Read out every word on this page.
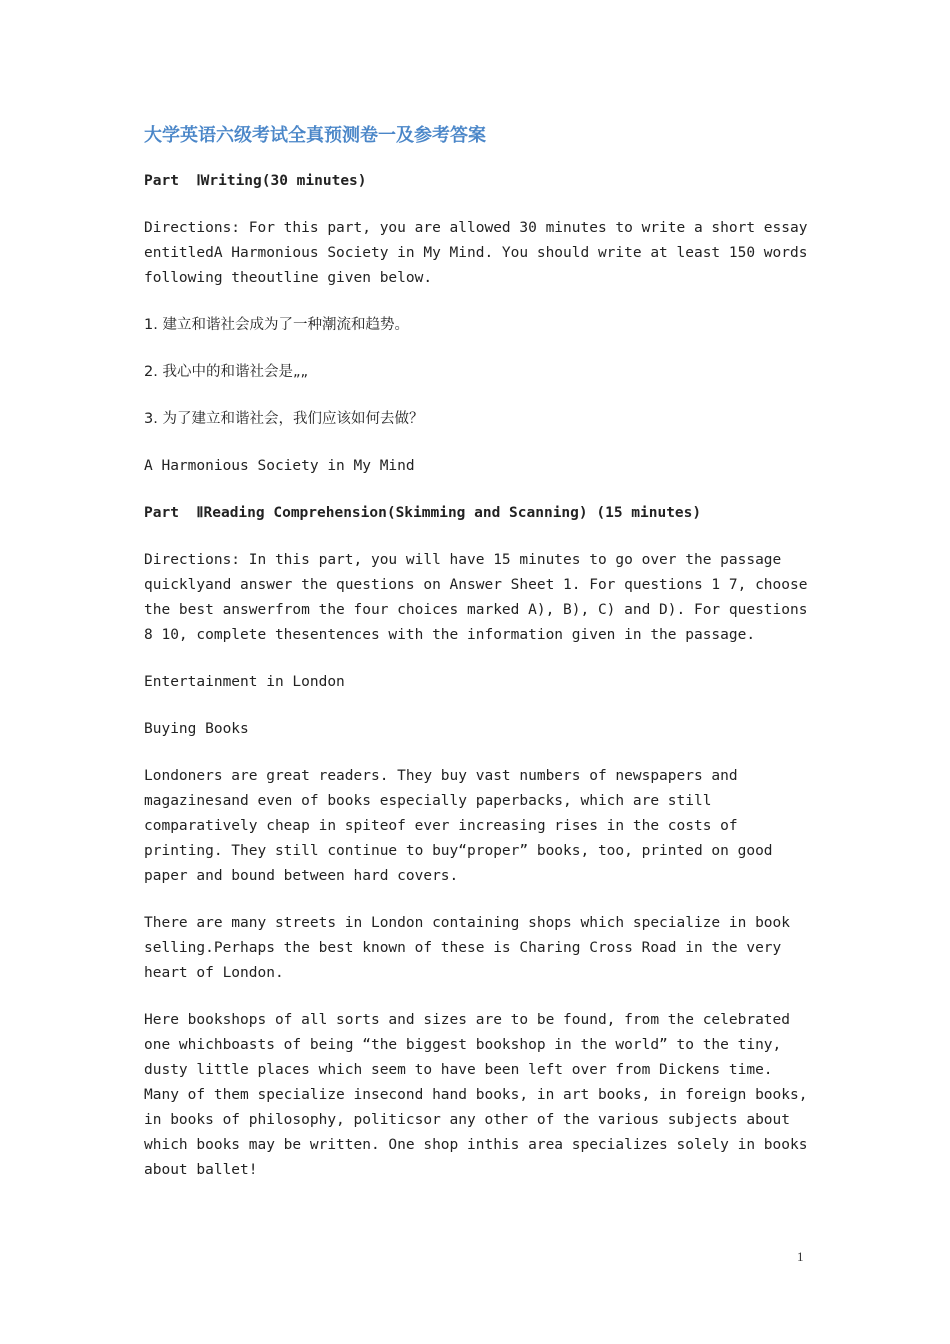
大学英语六级考试全真预测卷一及参考答案
Part  ⅠWriting(30 minutes)
Directions: For this part, you are allowed 30 minutes to write a short essay entitledA Harmonious Society in My Mind. You should write at least 150 words following theoutline given below.
1. 建立和谐社会成为了一种潮流和趋势。
2. 我心中的和谐社会是„„
3. 为了建立和谐社会，我们应该如何去做？
A Harmonious Society in My Mind
Part  ⅡReading Comprehension(Skimming and Scanning) (15 minutes)
Directions: In this part, you will have 15 minutes to go over the passage quicklyand answer the questions on Answer Sheet 1. For questions 1 7, choose the best answerfrom the four choices marked A), B), C) and D). For questions 8 10, complete thesentences with the information given in the passage.
Entertainment in London
Buying Books
Londoners are great readers. They buy vast numbers of newspapers and magazinesand even of books especially paperbacks, which are still comparatively cheap in spiteof ever increasing rises in the costs of printing. They still continue to buy“proper” books, too, printed on good paper and bound between hard covers.
There are many streets in London containing shops which specialize in book selling.Perhaps the best known of these is Charing Cross Road in the very heart of London.
Here bookshops of all sorts and sizes are to be found, from the celebrated one whichboasts of being “the biggest bookshop in the world” to the tiny, dusty little places which seem to have been left over from Dickens time. Many of them specialize insecond hand books, in art books, in foreign books, in books of philosophy, politicsor any other of the various subjects about which books may be written. One shop inthis area specializes solely in books about ballet!
1
